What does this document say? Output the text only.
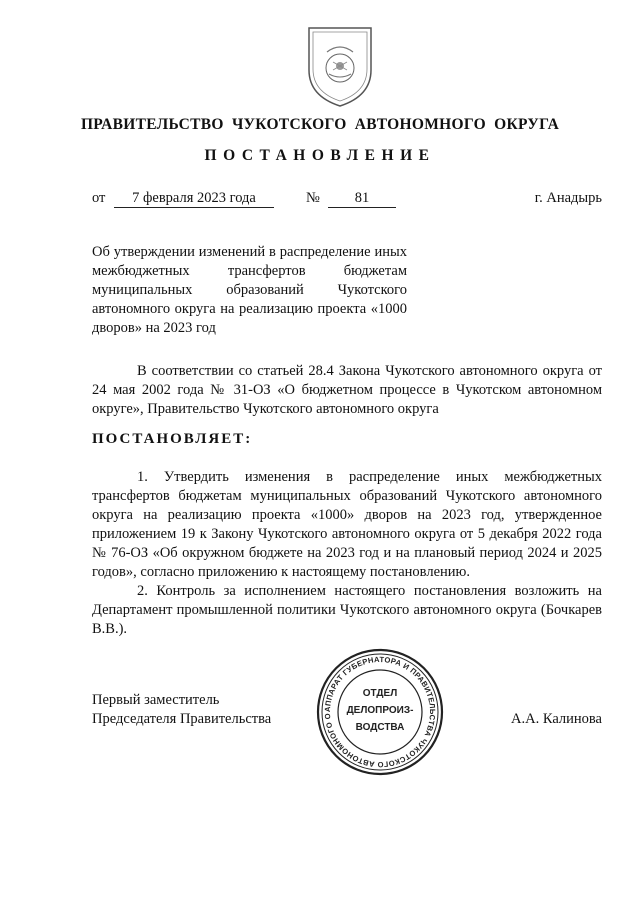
ПРАВИТЕЛЬСТВО ЧУКОТСКОГО АВТОНОМНОГО ОКРУГА
ПОСТАНОВЛЕНИЕ
от	7 февраля 2023 года	№	81	г. Анадырь
Об утверждении изменений в распределение иных межбюджетных трансфертов бюджетам муниципальных образований Чукотского автономного округа на реализацию проекта «1000 дворов» на 2023 год

В соответствии со статьей 28.4 Закона Чукотского автономного округа от 24 мая 2002 года № 31-ОЗ «О бюджетном процессе в Чукотском автономном округе», Правительство Чукотского автономного округа

ПОСТАНОВЛЯЕТ:

1. Утвердить изменения в распределение иных межбюджетных трансфертов бюджетам муниципальных образований Чукотского автономного округа на реализацию проекта «1000» дворов на 2023 год, утвержденное приложением 19 к Закону Чукотского автономного округа от 5 декабря 2022 года № 76-ОЗ «Об окружном бюджете на 2023 год и на плановый период 2024 и 2025 годов», согласно приложению к настоящему постановлению.

2. Контроль за исполнением настоящего постановления возложить на Департамент промышленной политики Чукотского автономного округа (Бочкарев В.В.).

Первый заместитель
Председателя Правительства	А.А. Калинова
АППАРАТ ГУБЕРНАТОРА И ПРАВИТЕЛЬСТВА ЧУКОТСКОГО АВТОНОМНОГО О
ОТДЕЛ
ДЕЛОПРОИЗ-
ВОДСТВА
